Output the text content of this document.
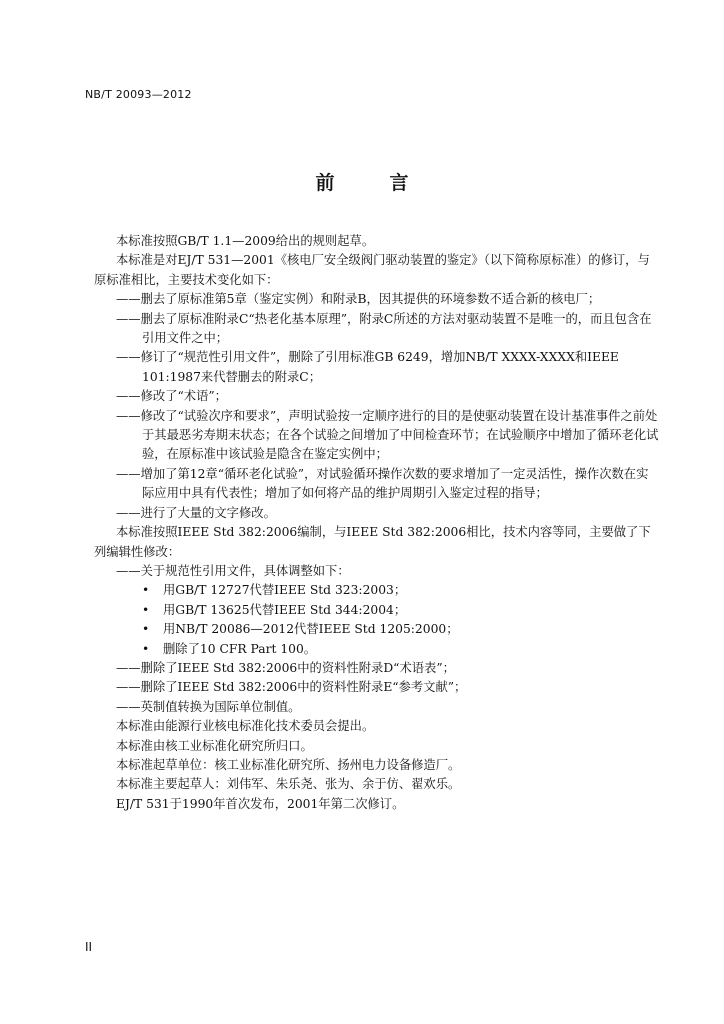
NB/T 20093—2012
前　言

本标准按照GB/T 1.1—2009给出的规则起草。

本标准是对EJ/T 531—2001《核电厂安全级阀门驱动装置的鉴定》（以下简称原标准）的修订，与原标准相比，主要技术变化如下：

——删去了原标准第5章（鉴定实例）和附录B，因其提供的环境参数不适合新的核电厂；

——删去了原标准附录C“热老化基本原理”，附录C所述的方法对驱动装置不是唯一的，而且包含在引用文件之中；

——修订了“规范性引用文件”，删除了引用标准GB 6249，增加NB/T XXXX-XXXX和IEEE 101:1987来代替删去的附录C；

——修改了“术语”；

——修改了“试验次序和要求”，声明试验按一定顺序进行的目的是使驱动装置在设计基准事件之前处于其最恶劣寿期末状态；在各个试验之间增加了中间检查环节；在试验顺序中增加了循环老化试验，在原标准中该试验是隐含在鉴定实例中；

——增加了第12章“循环老化试验”，对试验循环操作次数的要求增加了一定灵活性，操作次数在实际应用中具有代表性；增加了如何将产品的维护周期引入鉴定过程的指导；

——进行了大量的文字修改。

本标准按照IEEE Std 382:2006编制，与IEEE Std 382:2006相比，技术内容等同，主要做了下列编辑性修改：

——关于规范性引用文件，具体调整如下：

• 用GB/T 12727代替IEEE Std 323:2003；

• 用GB/T 13625代替IEEE Std 344:2004；

• 用NB/T 20086—2012代替IEEE Std 1205:2000；

• 删除了10 CFR Part 100。

——删除了IEEE Std 382:2006中的资料性附录D“术语表”；

——删除了IEEE Std 382:2006中的资料性附录E“参考文献”；

——英制值转换为国际单位制值。

本标准由能源行业核电标准化技术委员会提出。

本标准由核工业标准化研究所归口。

本标准起草单位：核工业标准化研究所、扬州电力设备修造厂。

本标准主要起草人：刘伟军、朱乐尧、张为、余于仿、翟欢乐。

EJ/T 531于1990年首次发布，2001年第二次修订。

II
